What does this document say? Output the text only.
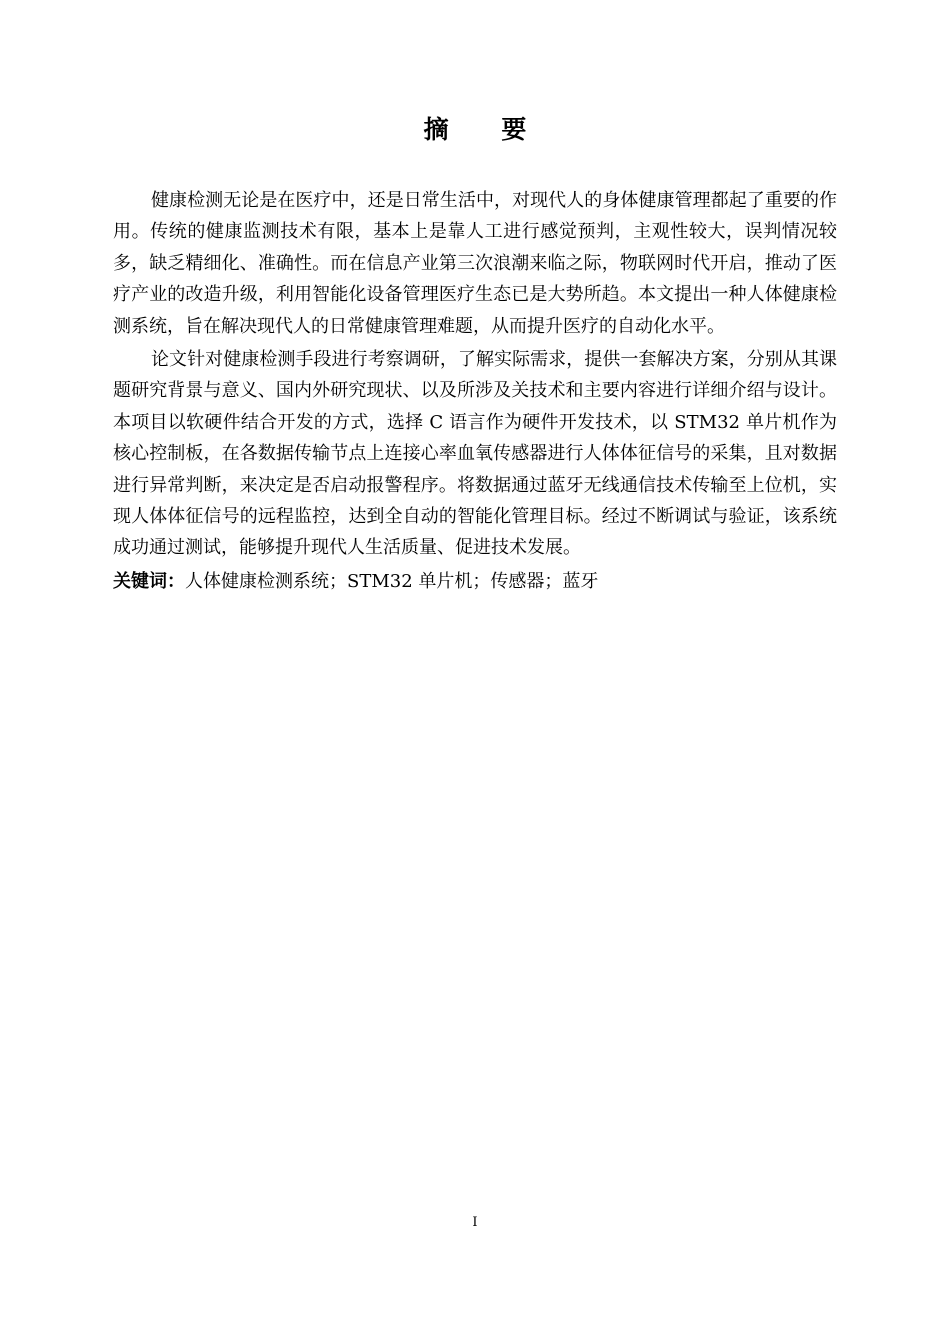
摘 要

健康检测无论是在医疗中，还是日常生活中，对现代人的身体健康管理都起了重要的作用。传统的健康监测技术有限，基本上是靠人工进行感觉预判，主观性较大，误判情况较多，缺乏精细化、准确性。而在信息产业第三次浪潮来临之际，物联网时代开启，推动了医疗产业的改造升级，利用智能化设备管理医疗生态已是大势所趋。本文提出一种人体健康检测系统，旨在解决现代人的日常健康管理难题，从而提升医疗的自动化水平。

论文针对健康检测手段进行考察调研，了解实际需求，提供一套解决方案，分别从其课题研究背景与意义、国内外研究现状、以及所涉及关技术和主要内容进行详细介绍与设计。本项目以软硬件结合开发的方式，选择 C 语言作为硬件开发技术，以 STM32 单片机作为核心控制板，在各数据传输节点上连接心率血氧传感器进行人体体征信号的采集，且对数据进行异常判断，来决定是否启动报警程序。将数据通过蓝牙无线通信技术传输至上位机，实现人体体征信号的远程监控，达到全自动的智能化管理目标。经过不断调试与验证，该系统成功通过测试，能够提升现代人生活质量、促进技术发展。

关键词：人体健康检测系统；STM32 单片机；传感器；蓝牙

I
